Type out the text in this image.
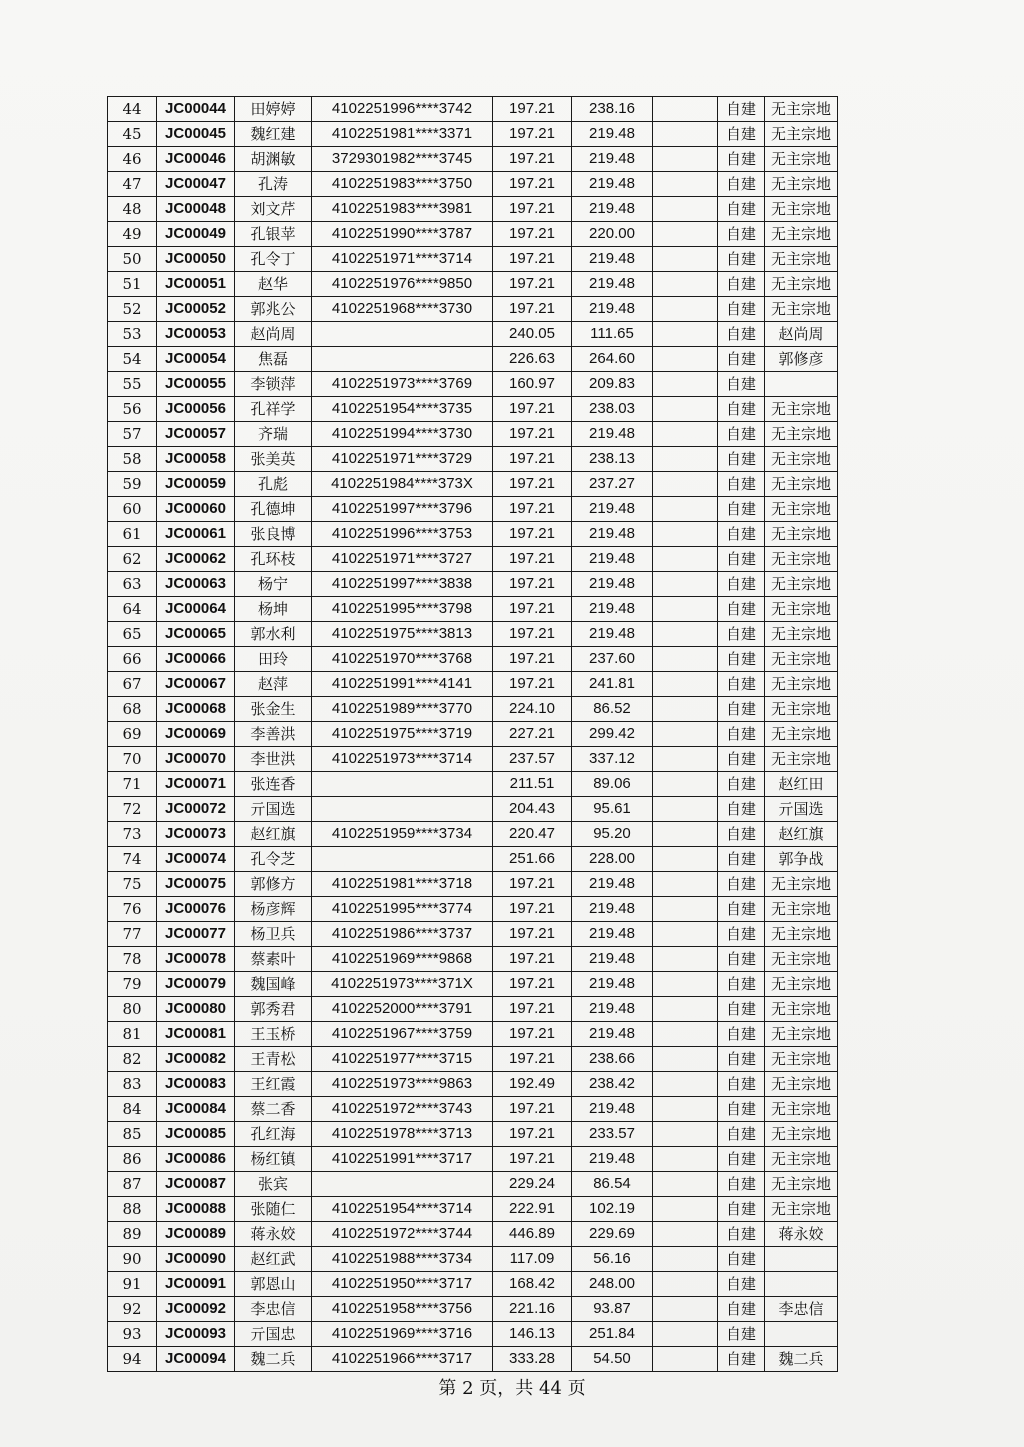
44	JC00044	田婷婷	4102251996****3742	197.21	238.16		自建	无主宗地
45	JC00045	魏红建	4102251981****3371	197.21	219.48		自建	无主宗地
46	JC00046	胡渊敏	3729301982****3745	197.21	219.48		自建	无主宗地
47	JC00047	孔涛	4102251983****3750	197.21	219.48		自建	无主宗地
48	JC00048	刘文芹	4102251983****3981	197.21	219.48		自建	无主宗地
49	JC00049	孔银苹	4102251990****3787	197.21	220.00		自建	无主宗地
50	JC00050	孔令丁	4102251971****3714	197.21	219.48		自建	无主宗地
51	JC00051	赵华	4102251976****9850	197.21	219.48		自建	无主宗地
52	JC00052	郭兆公	4102251968****3730	197.21	219.48		自建	无主宗地
53	JC00053	赵尚周		240.05	111.65		自建	赵尚周
54	JC00054	焦磊		226.63	264.60		自建	郭修彦
55	JC00055	李锁萍	4102251973****3769	160.97	209.83		自建	
56	JC00056	孔祥学	4102251954****3735	197.21	238.03		自建	无主宗地
57	JC00057	齐瑞	4102251994****3730	197.21	219.48		自建	无主宗地
58	JC00058	张美英	4102251971****3729	197.21	238.13		自建	无主宗地
59	JC00059	孔彪	4102251984****373X	197.21	237.27		自建	无主宗地
60	JC00060	孔德坤	4102251997****3796	197.21	219.48		自建	无主宗地
61	JC00061	张良博	4102251996****3753	197.21	219.48		自建	无主宗地
62	JC00062	孔环枝	4102251971****3727	197.21	219.48		自建	无主宗地
63	JC00063	杨宁	4102251997****3838	197.21	219.48		自建	无主宗地
64	JC00064	杨坤	4102251995****3798	197.21	219.48		自建	无主宗地
65	JC00065	郭水利	4102251975****3813	197.21	219.48		自建	无主宗地
66	JC00066	田玲	4102251970****3768	197.21	237.60		自建	无主宗地
67	JC00067	赵萍	4102251991****4141	197.21	241.81		自建	无主宗地
68	JC00068	张金生	4102251989****3770	224.10	86.52		自建	无主宗地
69	JC00069	李善洪	4102251975****3719	227.21	299.42		自建	无主宗地
70	JC00070	李世洪	4102251973****3714	237.57	337.12		自建	无主宗地
71	JC00071	张连香		211.51	89.06		自建	赵红田
72	JC00072	亓国选		204.43	95.61		自建	亓国选
73	JC00073	赵红旗	4102251959****3734	220.47	95.20		自建	赵红旗
74	JC00074	孔令芝		251.66	228.00		自建	郭争战
75	JC00075	郭修方	4102251981****3718	197.21	219.48		自建	无主宗地
76	JC00076	杨彦辉	4102251995****3774	197.21	219.48		自建	无主宗地
77	JC00077	杨卫兵	4102251986****3737	197.21	219.48		自建	无主宗地
78	JC00078	蔡素叶	4102251969****9868	197.21	219.48		自建	无主宗地
79	JC00079	魏国峰	4102251973****371X	197.21	219.48		自建	无主宗地
80	JC00080	郭秀君	4102252000****3791	197.21	219.48		自建	无主宗地
81	JC00081	王玉桥	4102251967****3759	197.21	219.48		自建	无主宗地
82	JC00082	王青松	4102251977****3715	197.21	238.66		自建	无主宗地
83	JC00083	王红霞	4102251973****9863	192.49	238.42		自建	无主宗地
84	JC00084	蔡二香	4102251972****3743	197.21	219.48		自建	无主宗地
85	JC00085	孔红海	4102251978****3713	197.21	233.57		自建	无主宗地
86	JC00086	杨红镇	4102251991****3717	197.21	219.48		自建	无主宗地
87	JC00087	张宾		229.24	86.54		自建	无主宗地
88	JC00088	张随仁	4102251954****3714	222.91	102.19		自建	无主宗地
89	JC00089	蒋永姣	4102251972****3744	446.89	229.69		自建	蒋永姣
90	JC00090	赵红武	4102251988****3734	117.09	56.16		自建	
91	JC00091	郭恩山	4102251950****3717	168.42	248.00		自建	
92	JC00092	李忠信	4102251958****3756	221.16	93.87		自建	李忠信
93	JC00093	亓国忠	4102251969****3716	146.13	251.84		自建	
94	JC00094	魏二兵	4102251966****3717	333.28	54.50		自建	魏二兵
第 2 页，共 44 页
